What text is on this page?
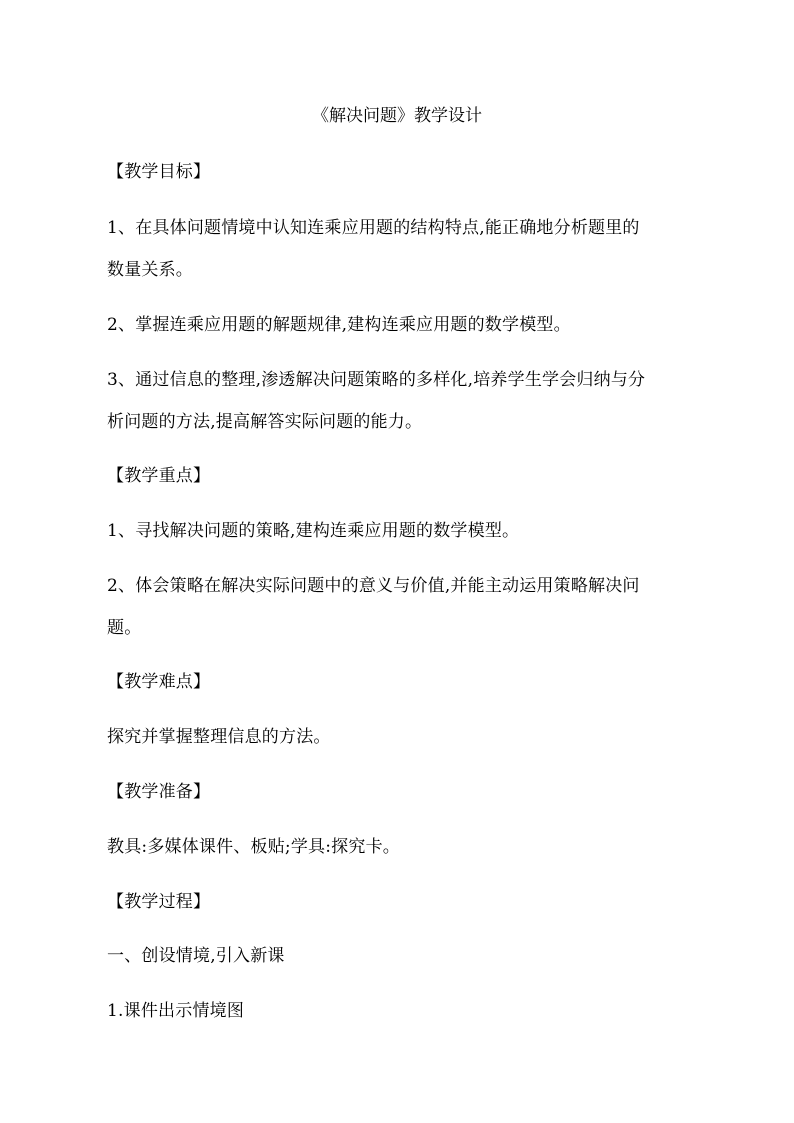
《解决问题》教学设计
【教学目标】
1、在具体问题情境中认知连乘应用题的结构特点,能正确地分析题里的
数量关系。
2、掌握连乘应用题的解题规律,建构连乘应用题的数学模型。
3、通过信息的整理,渗透解决问题策略的多样化,培养学生学会归纳与分
析问题的方法,提高解答实际问题的能力。
【教学重点】
1、寻找解决问题的策略,建构连乘应用题的数学模型。
2、体会策略在解决实际问题中的意义与价值,并能主动运用策略解决问
题。
【教学难点】
探究并掌握整理信息的方法。
【教学准备】
教具:多媒体课件、板贴;学具:探究卡。
【教学过程】
一、创设情境,引入新课
1.课件出示情境图
